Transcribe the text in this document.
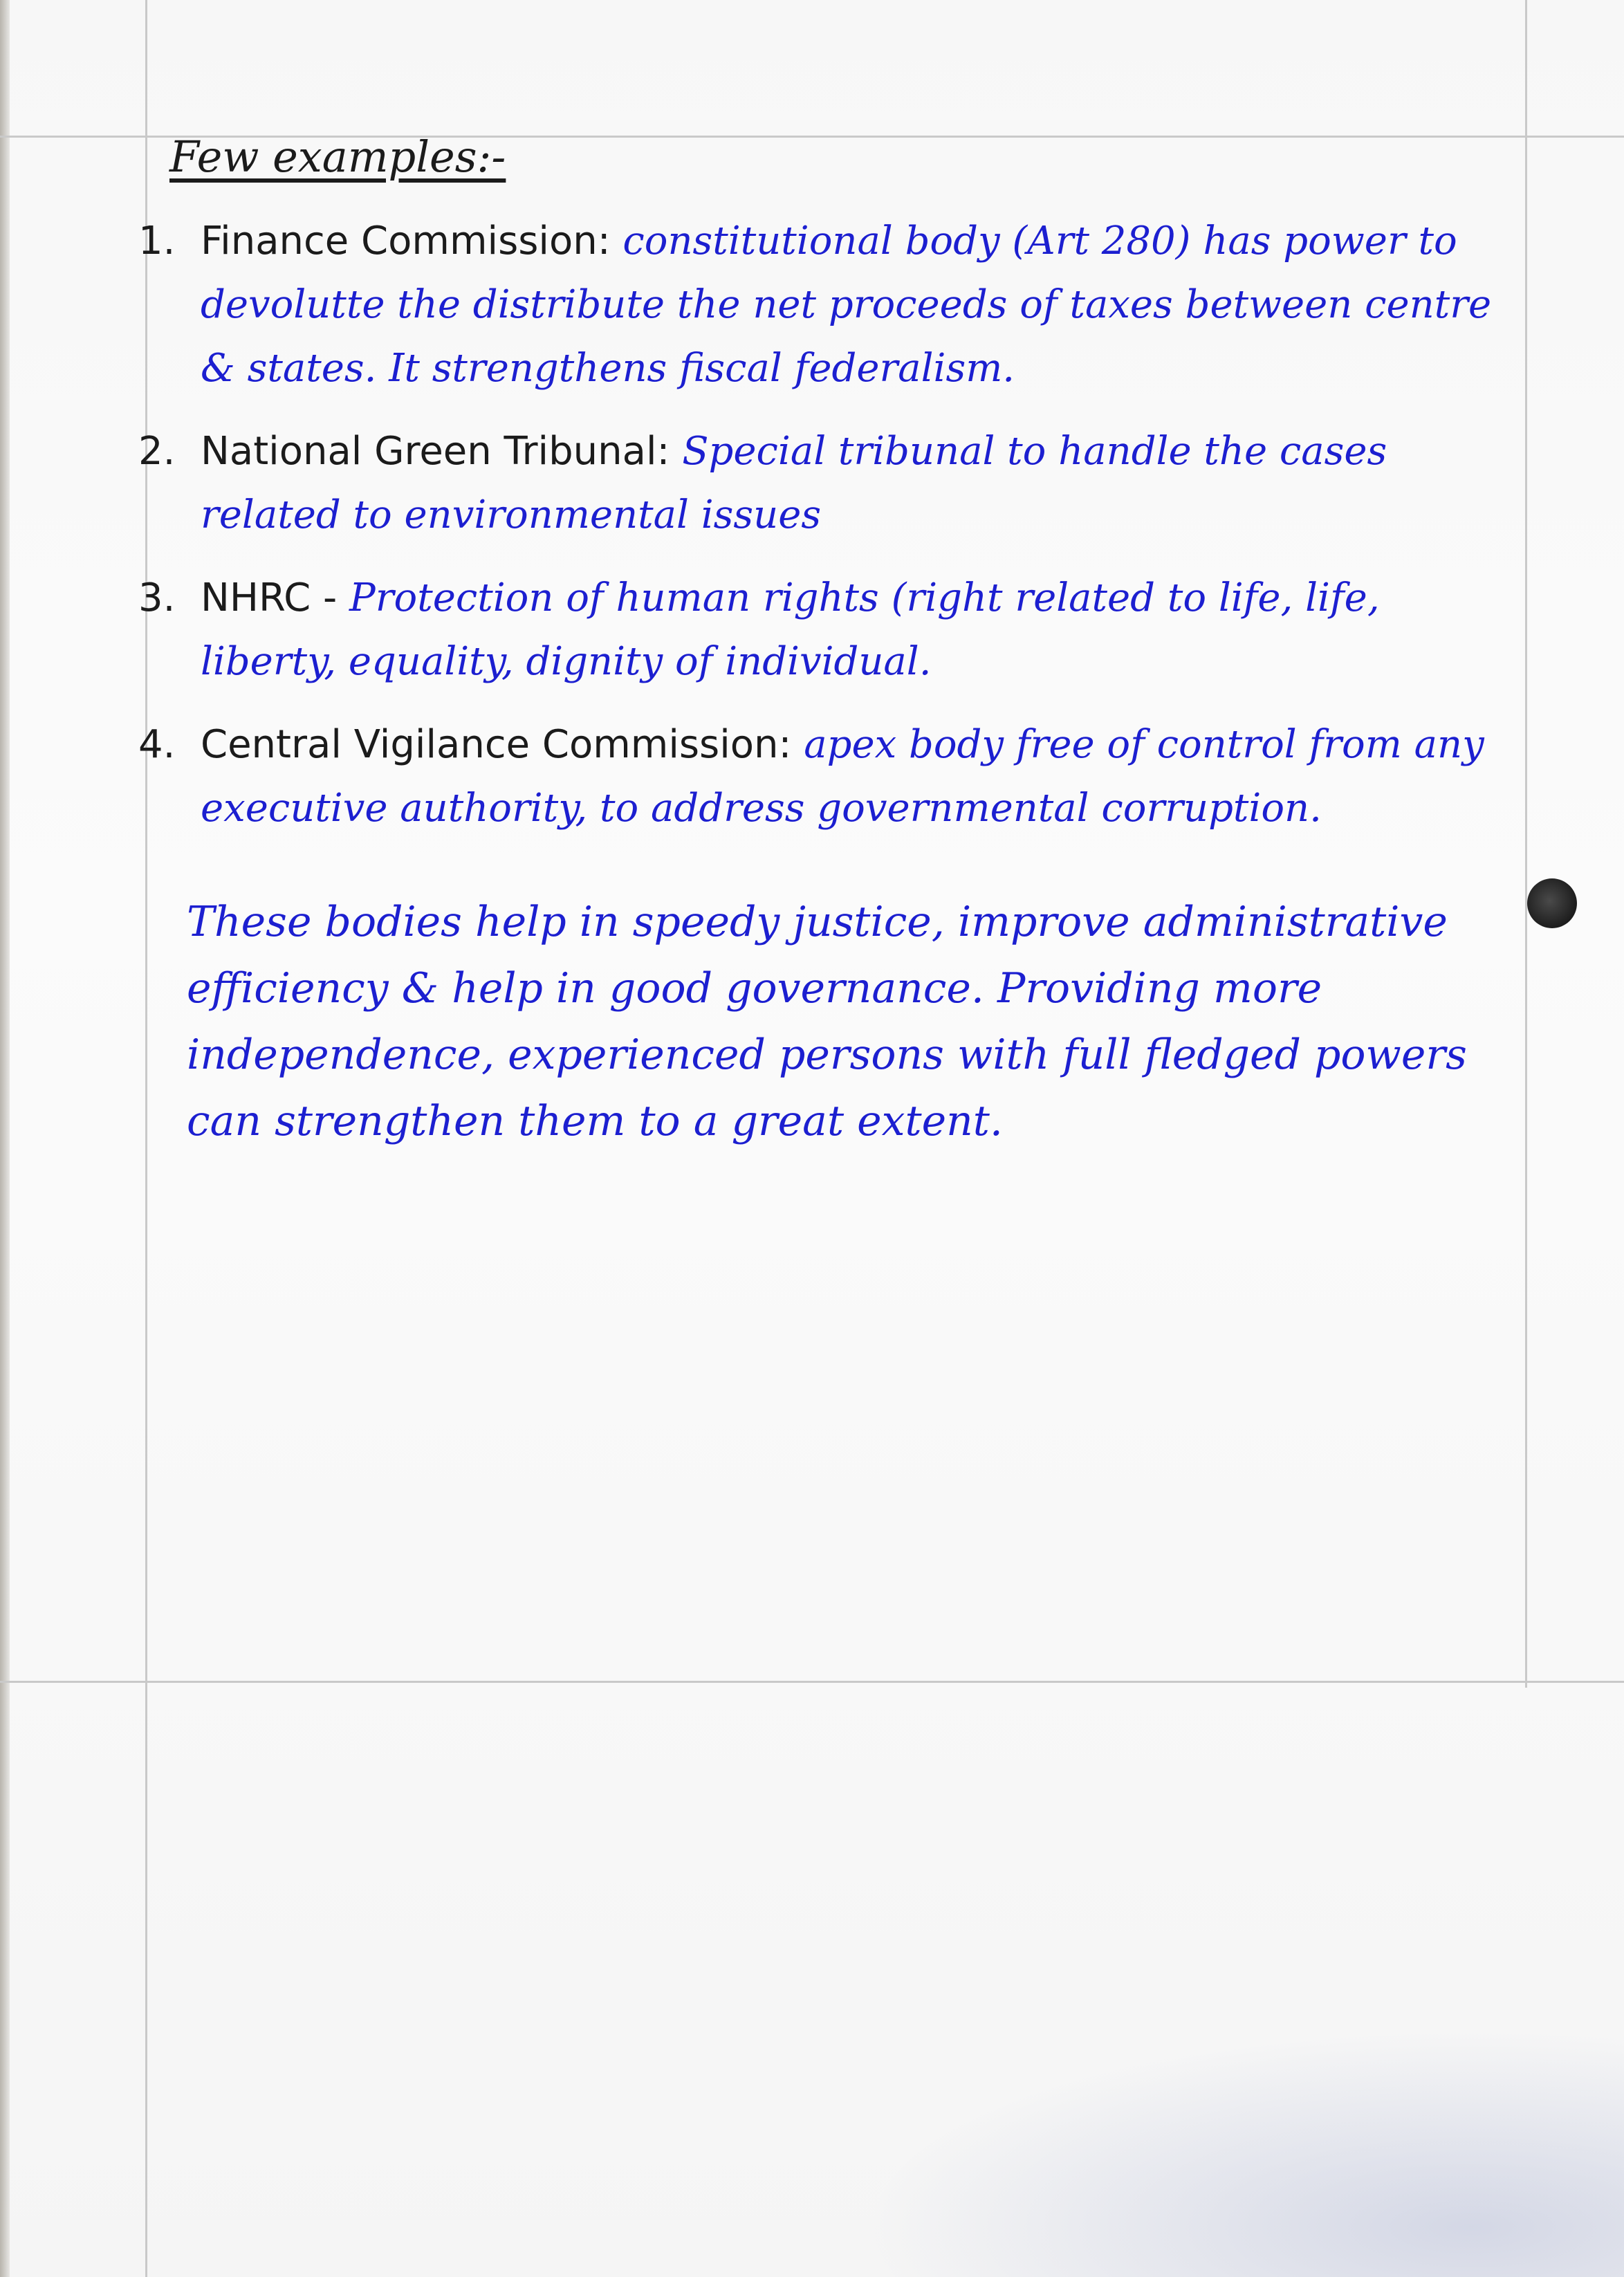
Few examples:-
1. Finance Commission: constitutional body (Art 280) has power to devolutte the distribute the net proceeds of taxes between centre & states. It strengthens fiscal federalism.
2. National Green Tribunal: Special tribunal to handle the cases related to environmental issues
3. NHRC - Protection of human rights (right related to life, life, liberty, equality, dignity of individual.
4. Central Vigilance Commission: apex body free of control from any executive authority, to address governmental corruption.
These bodies help in speedy justice, improve administrative efficiency & help in good governance. Providing more independence, experienced persons with full fledged powers can strengthen them to a great extent.
